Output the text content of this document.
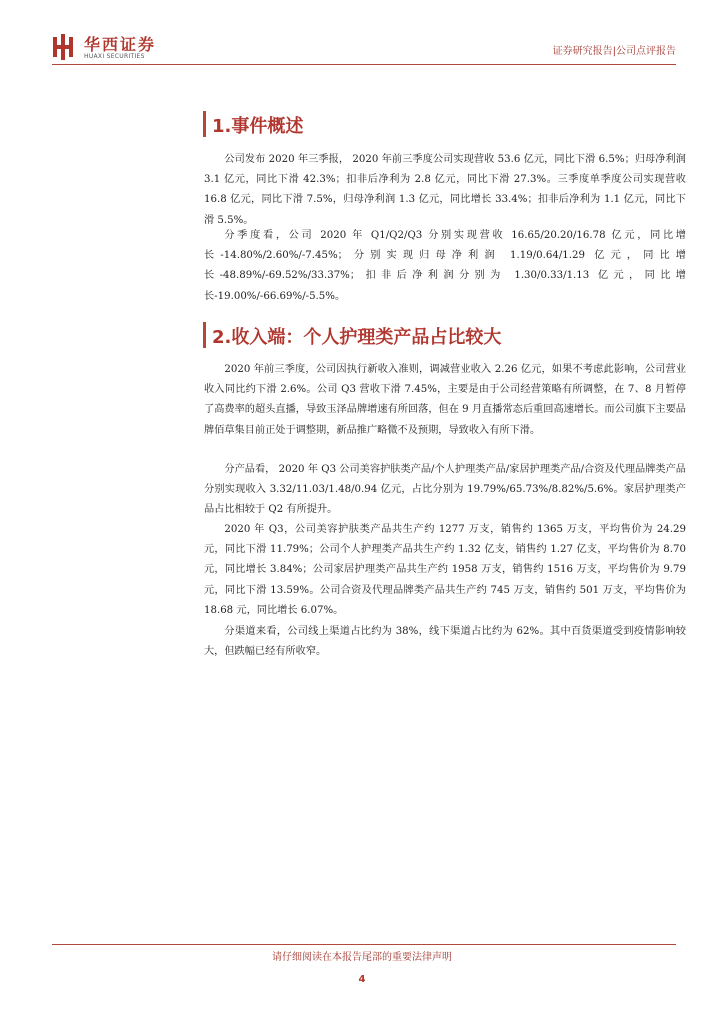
华西证券
HUAXI SECURITIES	证券研究报告|公司点评报告
1.事件概述

公司发布 2020 年三季报， 2020 年前三季度公司实现营收 53.6 亿元，同比下滑 6.5%；归母净利润 3.1 亿元，同比下滑 42.3%；扣非后净利为 2.8 亿元，同比下滑 27.3%。三季度单季度公司实现营收 16.8 亿元，同比下滑 7.5%，归母净利润 1.3 亿元，同比增长 33.4%；扣非后净利为 1.1 亿元，同比下滑 5.5%。

分季度看，公司 2020 年 Q1/Q2/Q3 分别实现营收 16.65/20.20/16.78 亿元，同比增长-14.80%/2.60%/-7.45%；分别实现归母净利润 1.19/0.64/1.29 亿元，同比增长-48.89%/-69.52%/33.37%；扣非后净利润分别为 1.30/0.33/1.13 亿元，同比增长-19.00%/-66.69%/-5.5%。

2.收入端：个人护理类产品占比较大

2020 年前三季度，公司因执行新收入准则，调减营业收入 2.26 亿元，如果不考虑此影响，公司营业收入同比约下滑 2.6%。公司 Q3 营收下滑 7.45%，主要是由于公司经营策略有所调整，在 7、8 月暂停了高费率的超头直播，导致玉泽品牌增速有所回落，但在 9 月直播常态后重回高速增长。而公司旗下主要品牌佰草集目前正处于调整期，新品推广略微不及预期，导致收入有所下滑。

分产品看， 2020 年 Q3 公司美容护肤类产品/个人护理类产品/家居护理类产品/合资及代理品牌类产品分别实现收入 3.32/11.03/1.48/0.94 亿元，占比分别为 19.79%/65.73%/8.82%/5.6%。家居护理类产品占比相较于 Q2 有所提升。

2020 年 Q3，公司美容护肤类产品共生产约 1277 万支，销售约 1365 万支，平均售价为 24.29 元，同比下滑 11.79%；公司个人护理类产品共生产约 1.32 亿支，销售约 1.27 亿支，平均售价为 8.70 元，同比增长 3.84%；公司家居护理类产品共生产约 1958 万支，销售约 1516 万支，平均售价为 9.79 元，同比下滑 13.59%。公司合资及代理品牌类产品共生产约 745 万支，销售约 501 万支，平均售价为 18.68 元，同比增长 6.07%。

分渠道来看，公司线上渠道占比约为 38%，线下渠道占比约为 62%。其中百货渠道受到疫情影响较大，但跌幅已经有所收窄。

请仔细阅读在本报告尾部的重要法律声明
4
